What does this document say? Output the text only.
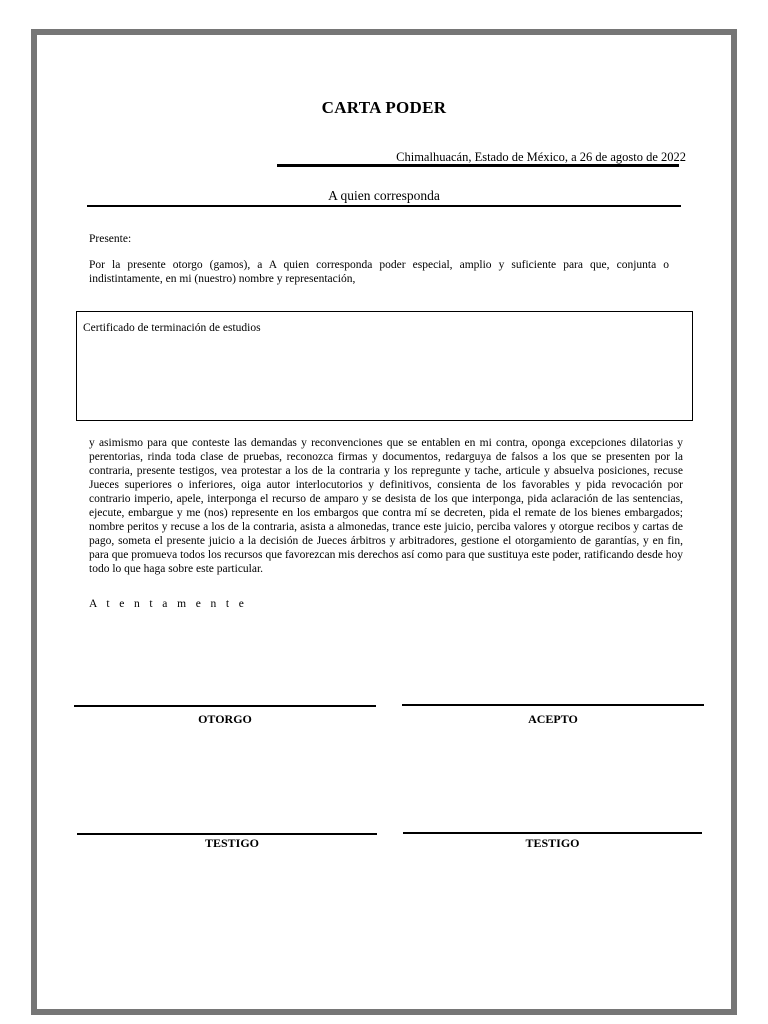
CARTA PODER
Chimalhuacán, Estado de México, a 26 de agosto de 2022
A quien corresponda
Presente:
Por la presente otorgo (gamos), a A quien corresponda poder especial, amplio y suficiente para que, conjunta o indistintamente, en mi (nuestro) nombre y representación,
Certificado de terminación de estudios
y asimismo para que conteste las demandas y reconvenciones que se entablen en mi contra, oponga excepciones dilatorias y perentorias, rinda toda clase de pruebas, reconozca firmas y documentos, redarguya de falsos a los que se presenten por la contraria, presente testigos, vea protestar a los de la contraria y los repregunte y tache, articule y absuelva posiciones, recuse Jueces superiores o inferiores, oiga autor interlocutorios y definitivos, consienta de los favorables y pida revocación por contrario imperio, apele, interponga el recurso de amparo y se desista de los que interponga, pida aclaración de las sentencias, ejecute, embargue y me (nos) represente en los embargos que contra mí se decreten, pida el remate de los bienes embargados; nombre peritos y recuse a los de la contraria, asista a almonedas, trance este juicio, perciba valores y otorgue recibos y cartas de pago, someta el presente juicio a la decisión de Jueces árbitros y arbitradores, gestione el otorgamiento de garantías, y en fin, para que promueva todos los recursos que favorezcan mis derechos así como para que sustituya este poder, ratificando desde hoy todo lo que haga sobre este particular.
A t e n t a m e n t e
OTORGO	ACEPTO
TESTIGO	TESTIGO
